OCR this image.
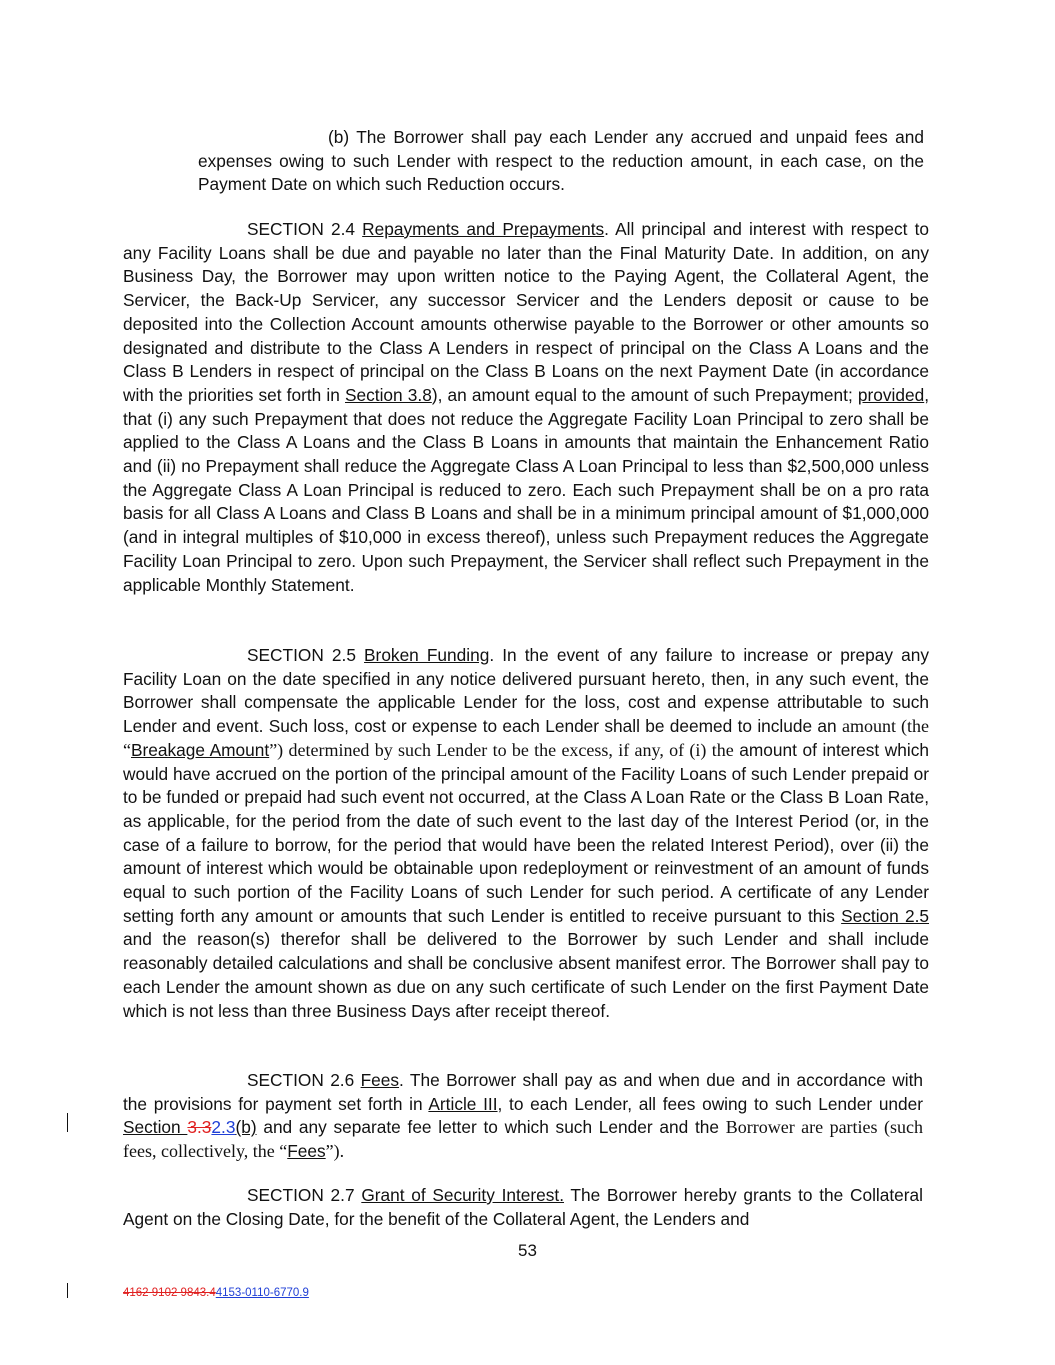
(b) The Borrower shall pay each Lender any accrued and unpaid fees and expenses owing to such Lender with respect to the reduction amount, in each case, on the Payment Date on which such Reduction occurs.

SECTION 2.4 Repayments and Prepayments. All principal and interest with respect to any Facility Loans shall be due and payable no later than the Final Maturity Date. In addition, on any Business Day, the Borrower may upon written notice to the Paying Agent, the Collateral Agent, the Servicer, the Back-Up Servicer, any successor Servicer and the Lenders deposit or cause to be deposited into the Collection Account amounts otherwise payable to the Borrower or other amounts so designated and distribute to the Class A Lenders in respect of principal on the Class A Loans and the Class B Lenders in respect of principal on the Class B Loans on the next Payment Date (in accordance with the priorities set forth in Section 3.8), an amount equal to the amount of such Prepayment; provided, that (i) any such Prepayment that does not reduce the Aggregate Facility Loan Principal to zero shall be applied to the Class A Loans and the Class B Loans in amounts that maintain the Enhancement Ratio and (ii) no Prepayment shall reduce the Aggregate Class A Loan Principal to less than $2,500,000 unless the Aggregate Class A Loan Principal is reduced to zero. Each such Prepayment shall be on a pro rata basis for all Class A Loans and Class B Loans and shall be in a minimum principal amount of $1,000,000 (and in integral multiples of $10,000 in excess thereof), unless such Prepayment reduces the Aggregate Facility Loan Principal to zero. Upon such Prepayment, the Servicer shall reflect such Prepayment in the applicable Monthly Statement.

SECTION 2.5 Broken Funding. In the event of any failure to increase or prepay any Facility Loan on the date specified in any notice delivered pursuant hereto, then, in any such event, the Borrower shall compensate the applicable Lender for the loss, cost and expense attributable to such Lender and event. Such loss, cost or expense to each Lender shall be deemed to include an amount (the “Breakage Amount”) determined by such Lender to be the excess, if any, of (i) the amount of interest which would have accrued on the portion of the principal amount of the Facility Loans of such Lender prepaid or to be funded or prepaid had such event not occurred, at the Class A Loan Rate or the Class B Loan Rate, as applicable, for the period from the date of such event to the last day of the Interest Period (or, in the case of a failure to borrow, for the period that would have been the related Interest Period), over (ii) the amount of interest which would be obtainable upon redeployment or reinvestment of an amount of funds equal to such portion of the Facility Loans of such Lender for such period. A certificate of any Lender setting forth any amount or amounts that such Lender is entitled to receive pursuant to this Section 2.5 and the reason(s) therefor shall be delivered to the Borrower by such Lender and shall include reasonably detailed calculations and shall be conclusive absent manifest error. The Borrower shall pay to each Lender the amount shown as due on any such certificate of such Lender on the first Payment Date which is not less than three Business Days after receipt thereof.

SECTION 2.6 Fees. The Borrower shall pay as and when due and in accordance with the provisions for payment set forth in Article III, to each Lender, all fees owing to such Lender under Section 3.32.3(b) and any separate fee letter to which such Lender and the Borrower are parties (such fees, collectively, the “Fees”).

SECTION 2.7 Grant of Security Interest. The Borrower hereby grants to the Collateral Agent on the Closing Date, for the benefit of the Collateral Agent, the Lenders and

53
4162 9102 9843.44153-0110-6770.9
